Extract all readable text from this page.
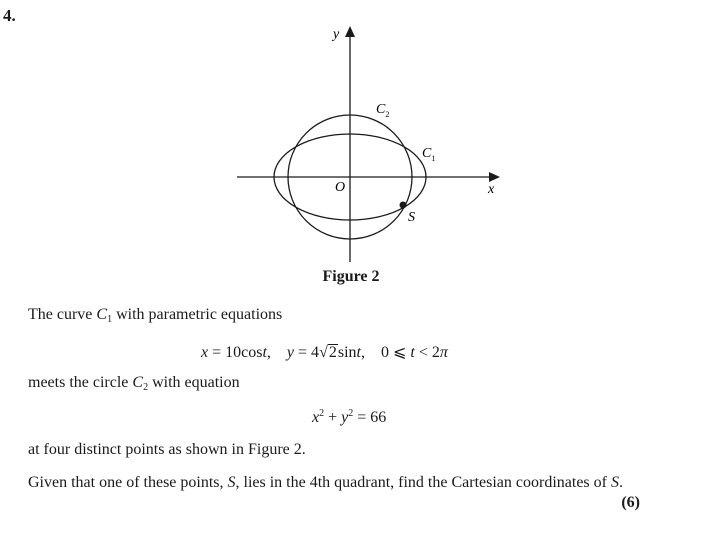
4.
y
x
O
$C_2$
$C_1$
S
Figure 2
The curve $C_1$ with parametric equations
x = 10cost,    y = 4√2sint,    0 ⩽ t < 2π
meets the circle $C_2$ with equation
$x^2 + y^2 = 66$
at four distinct points as shown in Figure 2.
Given that one of these points, S, lies in the 4th quadrant, find the Cartesian coordinates of S.
(6)
